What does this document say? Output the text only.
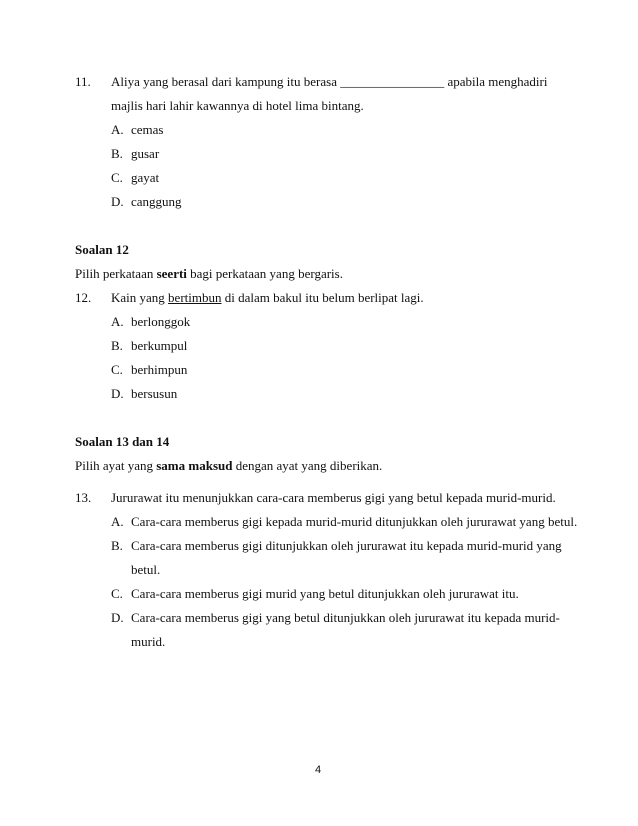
11. Aliya yang berasal dari kampung itu berasa ________________ apabila menghadiri
majlis hari lahir kawannya di hotel lima bintang.
A. cemas
B. gusar
C. gayat
D. canggung
Soalan 12
Pilih perkataan seerti bagi perkataan yang bergaris.
12. Kain yang bertimbun di dalam bakul itu belum berlipat lagi.
A. berlonggok
B. berkumpul
C. berhimpun
D. bersusun
Soalan 13 dan 14
Pilih ayat yang sama maksud dengan ayat yang diberikan.
13. Jururawat itu menunjukkan cara-cara memberus gigi yang betul kepada murid-murid.
A. Cara-cara memberus gigi kepada murid-murid ditunjukkan oleh jururawat yang betul.
B. Cara-cara memberus gigi ditunjukkan oleh jururawat itu kepada murid-murid yang
betul.
C. Cara-cara memberus gigi murid yang betul ditunjukkan oleh jururawat itu.
D. Cara-cara memberus gigi yang betul ditunjukkan oleh jururawat itu kepada murid-
murid.
4
